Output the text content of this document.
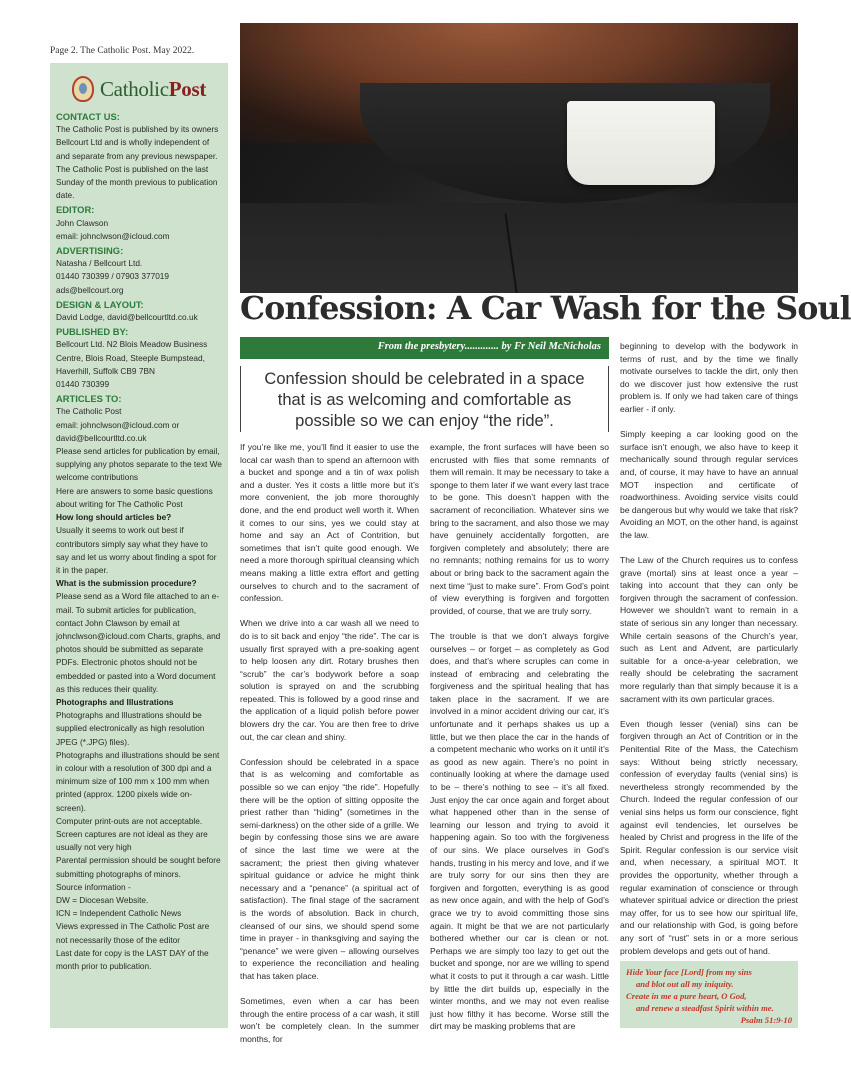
Page 2. The Catholic Post. May 2022.
CatholicPost
CONTACT US:
The Catholic Post is published by its owners Bellcourt Ltd and is wholly independent of and separate from any previous newspaper. The Catholic Post is published on the last Sunday of the month previous to publication date.
EDITOR:
John Clawson
email: johnclwson@icloud.com
ADVERTISING:
Natasha / Bellcourt Ltd.
01440 730399 / 07903 377019
ads@bellcourt.org
DESIGN & LAYOUT:
David Lodge, david@bellcourtltd.co.uk
PUBLISHED BY:
Bellcourt Ltd. N2 Blois Meadow Business Centre, Blois Road, Steeple Bumpstead, Haverhill, Suffolk CB9 7BN
01440 730399
ARTICLES TO:
The Catholic Post
email: johnclwson@icloud.com or david@bellcourtltd.co.uk
Please send articles for publication by email, supplying any photos separate to the text We welcome contributions
Here are answers to some basic questions about writing for The Catholic Post
How long should articles be?
Usually it seems to work out best if contributors simply say what they have to say and let us worry about finding a spot for it in the paper.
What is the submission procedure?
Please send as a Word file attached to an e-mail. To submit articles for publication, contact John Clawson by email at johnclwson@icloud.com Charts, graphs, and photos should be submitted as separate PDFs. Electronic photos should not be embedded or pasted into a Word document as this reduces their quality.
Photographs and Illustrations
Photographs and Illustrations should be supplied electronically as high resolution JPEG (*.JPG) files).
Photographs and illustrations should be sent in colour with a resolution of 300 dpi and a minimum size of 100 mm x 100 mm when printed (approx. 1200 pixels wide on-screen).
Computer print-outs are not acceptable.
Screen captures are not ideal as they are usually not very high
Parental permission should be sought before submitting photographs of minors.
Source information -
DW = Diocesan Website.
ICN = Independent Catholic News
Views expressed in The Catholic Post are not necessarily those of the editor
Last date for copy is the LAST DAY of the month prior to publication.
Confession: A Car Wash for the Soul
From the presbytery............. by Fr Neil McNicholas
Confession should be celebrated in a space that is as welcoming and comfortable as possible so we can enjoy “the ride”.

If you’re like me, you’ll find it easier to use the local car wash than to spend an afternoon with a bucket and sponge and a tin of wax polish and a duster. Yes it costs a little more but it’s more convenient, the job more thoroughly done, and the end product well worth it. When it comes to our sins, yes we could stay at home and say an Act of Contrition, but sometimes that isn’t quite good enough. We need a more thorough spiritual cleansing which means making a little extra effort and getting ourselves to church and to the sacrament of confession.

When we drive into a car wash all we need to do is to sit back and enjoy “the ride”. The car is usually first sprayed with a pre-soaking agent to help loosen any dirt. Rotary brushes then “scrub” the car’s bodywork before a soap solution is sprayed on and the scrubbing repeated. This is followed by a good rinse and the application of a liquid polish before power blowers dry the car. You are then free to drive out, the car clean and shiny.

Confession should be celebrated in a space that is as welcoming and comfortable as possible so we can enjoy “the ride”. Hopefully there will be the option of sitting opposite the priest rather than “hiding” (sometimes in the semi-darkness) on the other side of a grille. We begin by confessing those sins we are aware of since the last time we were at the sacrament; the priest then giving whatever spiritual guidance or advice he might think necessary and a “penance” (a spiritual act of satisfaction). The final stage of the sacrament is the words of absolution. Back in church, cleansed of our sins, we should spend some time in prayer - in thanksgiving and saying the “penance” we were given – allowing ourselves to experience the reconciliation and healing that has taken place.

Sometimes, even when a car has been through the entire process of a car wash, it still won’t be completely clean. In the summer months, for

example, the front surfaces will have been so encrusted with flies that some remnants of them will remain. It may be necessary to take a sponge to them later if we want every last trace to be gone. This doesn’t happen with the sacrament of reconciliation. Whatever sins we bring to the sacrament, and also those we may have genuinely accidentally forgotten, are forgiven completely and absolutely; there are no remnants; nothing remains for us to worry about or bring back to the sacrament again the next time “just to make sure”. From God’s point of view everything is forgiven and forgotten provided, of course, that we are truly sorry.

The trouble is that we don’t always forgive ourselves – or forget – as completely as God does, and that’s where scruples can come in instead of embracing and celebrating the forgiveness and the spiritual healing that has taken place in the sacrament. If we are involved in a minor accident driving our car, it’s unfortunate and it perhaps shakes us up a little, but we then place the car in the hands of a competent mechanic who works on it until it’s as good as new again. There’s no point in continually looking at where the damage used to be – there’s nothing to see – it’s all fixed. Just enjoy the car once again and forget about what happened other than in the sense of learning our lesson and trying to avoid it happening again. So too with the forgiveness of our sins. We place ourselves in God’s hands, trusting in his mercy and love, and if we are truly sorry for our sins then they are forgiven and forgotten, everything is as good as new once again, and with the help of God’s grace we try to avoid committing those sins again. It might be that we are not particularly bothered whether our car is clean or not. Perhaps we are simply too lazy to get out the bucket and sponge, nor are we willing to spend what it costs to put it through a car wash. Little by little the dirt builds up, especially in the winter months, and we may not even realise just how filthy it has become. Worse still the dirt may be masking problems that are

beginning to develop with the bodywork in terms of rust, and by the time we finally motivate ourselves to tackle the dirt, only then do we discover just how extensive the rust problem is. If only we had taken care of things earlier - if only.

Simply keeping a car looking good on the surface isn’t enough, we also have to keep it mechanically sound through regular services and, of course, it may have to have an annual MOT inspection and certificate of roadworthiness. Avoiding service visits could be dangerous but why would we take that risk? Avoiding an MOT, on the other hand, is against the law.

The Law of the Church requires us to confess grave (mortal) sins at least once a year – taking into account that they can only be forgiven through the sacrament of confession. However we shouldn’t want to remain in a state of serious sin any longer than necessary. While certain seasons of the Church’s year, such as Lent and Advent, are particularly suitable for a once-a-year celebration, we really should be celebrating the sacrament more regularly than that simply because it is a sacrament with its own particular graces.

Even though lesser (venial) sins can be forgiven through an Act of Contrition or in the Penitential Rite of the Mass, the Catechism says: Without being strictly necessary, confession of everyday faults (venial sins) is nevertheless strongly recommended by the Church. Indeed the regular confession of our venial sins helps us form our conscience, fight against evil tendencies, let ourselves be healed by Christ and progress in the life of the Spirit. Regular confession is our service visit and, when necessary, a spiritual MOT. It provides the opportunity, whether through a regular examination of conscience or through whatever spiritual advice or direction the priest may offer, for us to see how our spiritual life, and our relationship with God, is going before any sort of “rust” sets in or a more serious problem develops and gets out of hand.

Hide Your face [Lord] from my sins
and blot out all my iniquity.
Create in me a pure heart, O God,
and renew a steadfast Spirit within me.
Psalm 51:9-10
